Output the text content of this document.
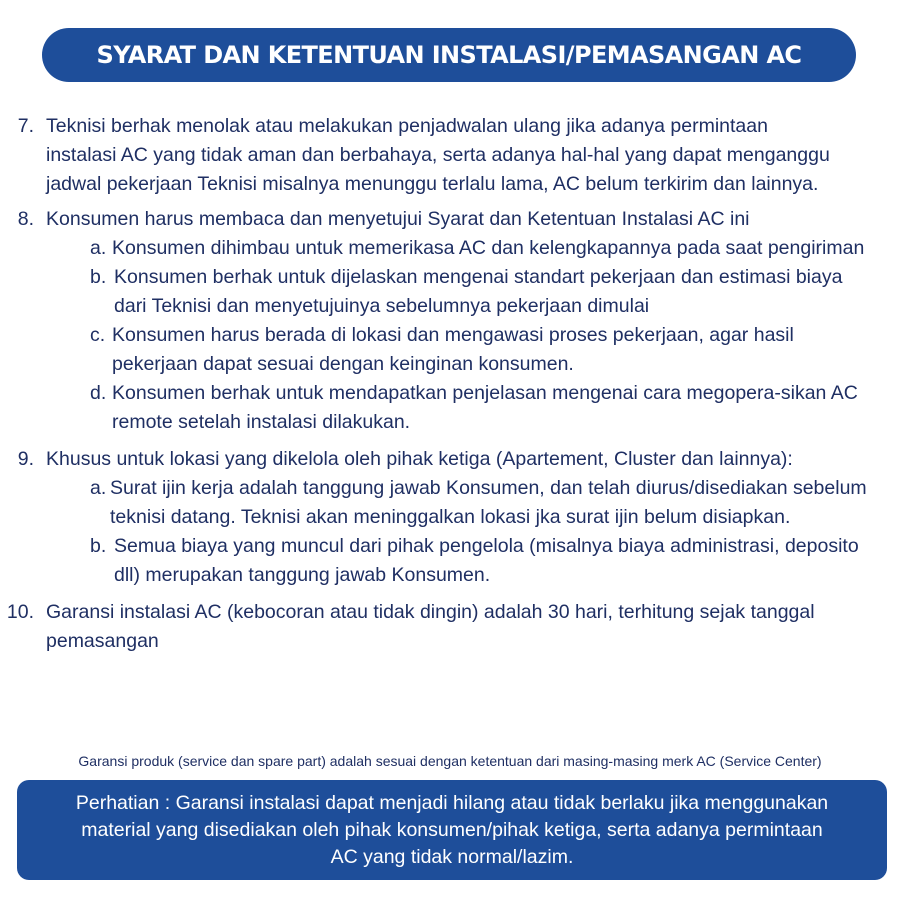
SYARAT DAN KETENTUAN INSTALASI/PEMASANGAN AC
7. Teknisi berhak menolak atau melakukan penjadwalan ulang jika adanya permintaan instalasi AC yang tidak aman dan berbahaya, serta adanya hal-hal yang dapat menganggu jadwal pekerjaan Teknisi misalnya menunggu terlalu lama, AC belum terkirim dan lainnya.
8. Konsumen harus membaca dan menyetujui Syarat dan Ketentuan Instalasi AC ini
a. Konsumen dihimbau untuk memerikasa AC dan kelengkapannya pada saat pengiriman
b. Konsumen berhak untuk dijelaskan mengenai standart pekerjaan dan estimasi biaya dari Teknisi dan menyetujuinya sebelumnya pekerjaan dimulai
c. Konsumen harus berada di lokasi dan mengawasi proses pekerjaan, agar hasil pekerjaan dapat sesuai dengan keinginan konsumen.
d. Konsumen berhak untuk mendapatkan penjelasan mengenai cara megopera-sikan AC remote setelah instalasi dilakukan.
9. Khusus untuk lokasi yang dikelola oleh pihak ketiga (Apartement, Cluster dan lainnya):
a. Surat ijin kerja adalah tanggung jawab Konsumen, dan telah diurus/disediakan sebelum teknisi datang. Teknisi akan meninggalkan lokasi jka surat ijin belum disiapkan.
b. Semua biaya yang muncul dari pihak pengelola (misalnya biaya administrasi, deposito dll) merupakan tanggung jawab Konsumen.
10. Garansi instalasi AC (kebocoran atau tidak dingin) adalah 30 hari, terhitung sejak tanggal pemasangan
Garansi produk (service dan spare part) adalah sesuai dengan ketentuan dari masing-masing merk AC (Service Center)

Perhatian : Garansi instalasi dapat menjadi hilang atau tidak berlaku jika menggunakan
material yang disediakan oleh pihak konsumen/pihak ketiga, serta adanya permintaan
AC yang tidak normal/lazim.
